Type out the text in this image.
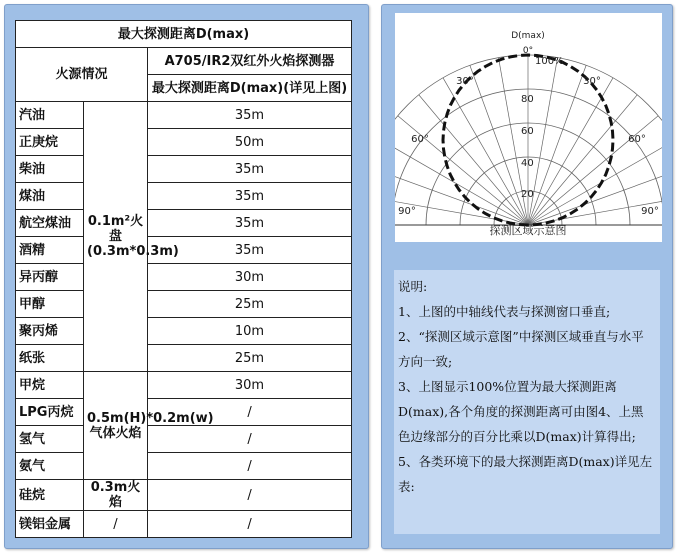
最大探测距离D(max)		
火源情况		A705/IR2双红外火焰探测器
		最大探测距离D(max)(详见上图)
汽油	0.1m²火盘(0.3m*0.3m)	35m
正庚烷		50m
柴油		35m
煤油		35m
航空煤油		35m
酒精		35m
异丙醇		30m
甲醇		25m
聚丙烯		10m
纸张		25m
甲烷	0.5m(H)*0.2m(w)气体火焰	30m
LPG丙烷		/
氢气		/
氨气		/
硅烷	0.3m火焰	/
镁铝金属	/	/
D(max)
0°
30°	30°
60°	60°
90°	90°
100%
80
60
40
20
探测区域示意图

说明:

1、上图的中轴线代表与探测窗口垂直;

2、“探测区域示意图”中探测区域垂直与水平方向一致;

3、上图显示100%位置为最大探测距离D(max),各个角度的探测距离可由图4、上黑色边缘部分的百分比乘以D(max)计算得出;

5、各类环境下的最大探测距离D(max)详见左表:
